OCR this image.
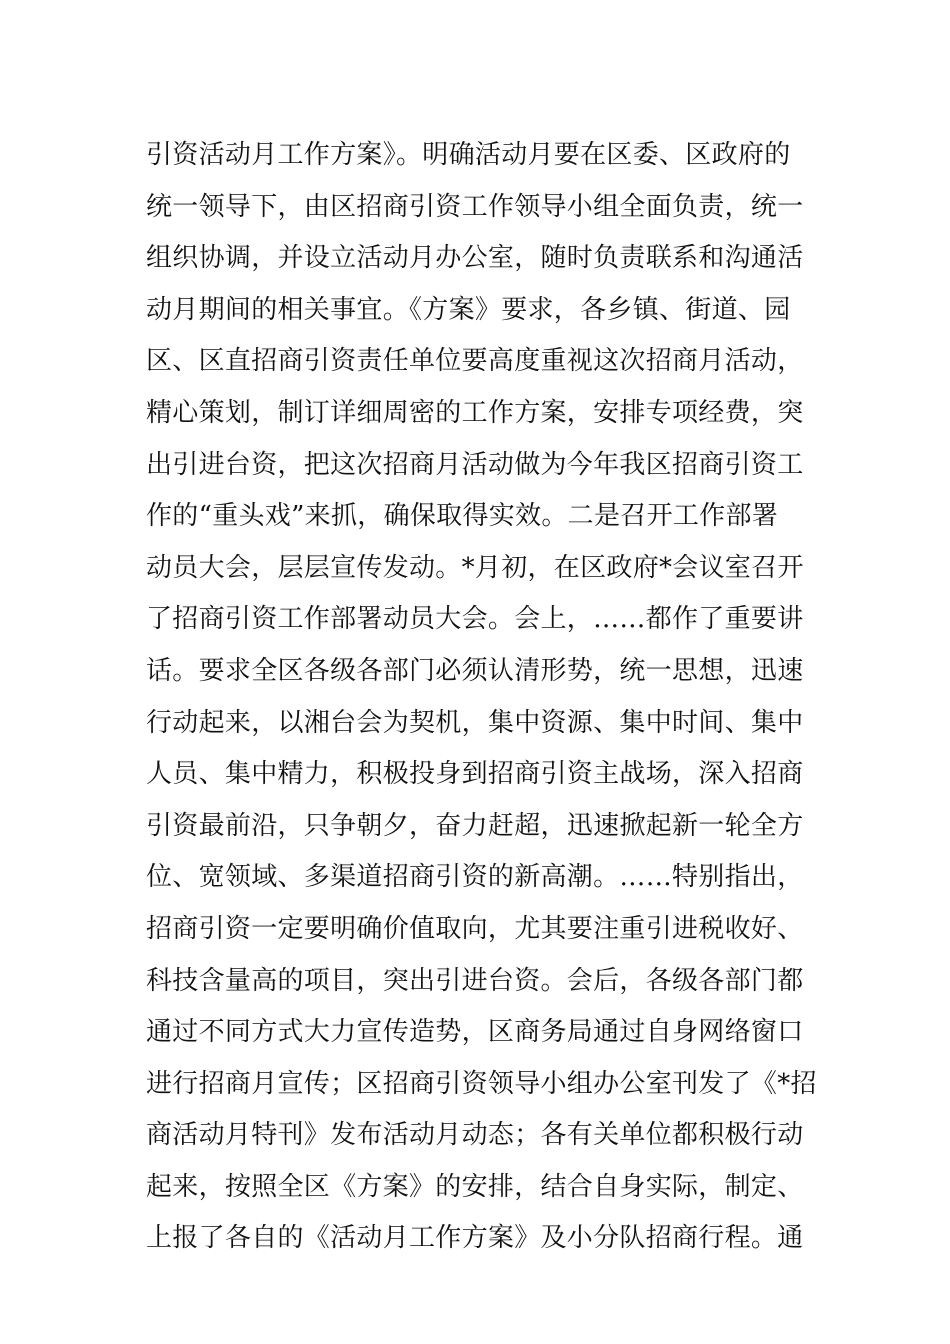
引资活动月工作方案》。明确活动月要在区委、区政府的
统一领导下，由区招商引资工作领导小组全面负责，统一
组织协调，并设立活动月办公室，随时负责联系和沟通活
动月期间的相关事宜。《方案》要求，各乡镇、街道、园
区、区直招商引资责任单位要高度重视这次招商月活动，
精心策划，制订详细周密的工作方案，安排专项经费，突
出引进台资，把这次招商月活动做为今年我区招商引资工
作的“重头戏”来抓，确保取得实效。二是召开工作部署
动员大会，层层宣传发动。*月初，在区政府*会议室召开
了招商引资工作部署动员大会。会上，……都作了重要讲
话。要求全区各级各部门必须认清形势，统一思想，迅速
行动起来，以湘台会为契机，集中资源、集中时间、集中
人员、集中精力，积极投身到招商引资主战场，深入招商
引资最前沿，只争朝夕，奋力赶超，迅速掀起新一轮全方
位、宽领域、多渠道招商引资的新高潮。……特别指出，
招商引资一定要明确价值取向，尤其要注重引进税收好、
科技含量高的项目，突出引进台资。会后，各级各部门都
通过不同方式大力宣传造势，区商务局通过自身网络窗口
进行招商月宣传；区招商引资领导小组办公室刊发了《*招
商活动月特刊》发布活动月动态；各有关单位都积极行动
起来，按照全区《方案》的安排，结合自身实际，制定、
上报了各自的《活动月工作方案》及小分队招商行程。通
